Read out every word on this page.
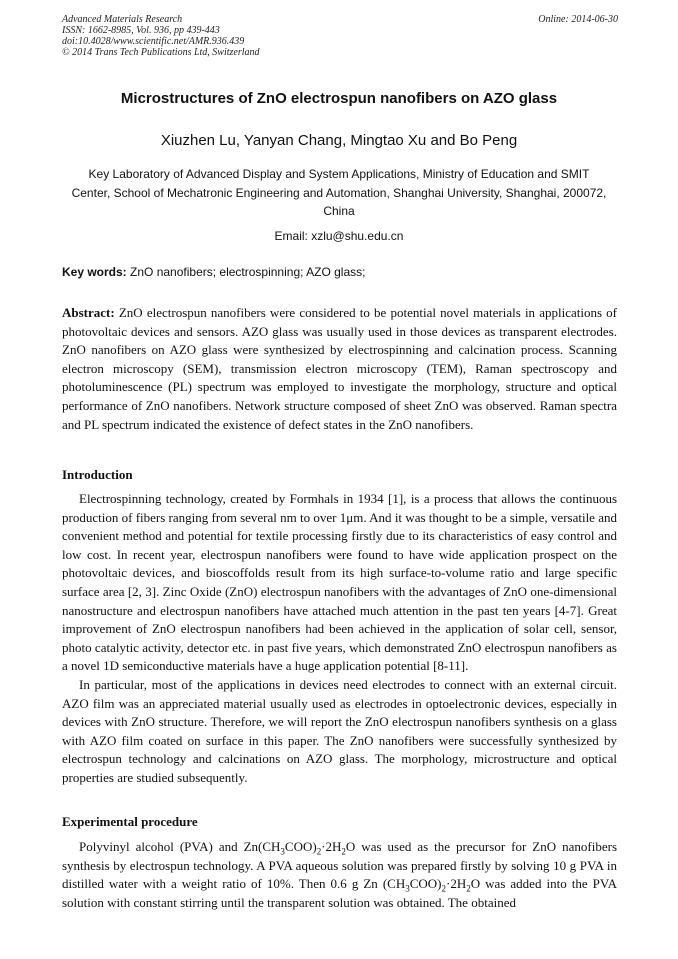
Advanced Materials Research
ISSN: 1662-8985, Vol. 936, pp 439-443
doi:10.4028/www.scientific.net/AMR.936.439
© 2014 Trans Tech Publications Ltd, Switzerland
Online: 2014-06-30
Microstructures of ZnO electrospun nanofibers on AZO glass
Xiuzhen Lu, Yanyan Chang, Mingtao Xu and Bo Peng
Key Laboratory of Advanced Display and System Applications, Ministry of Education and SMIT Center, School of Mechatronic Engineering and Automation, Shanghai University, Shanghai, 200072, China
Email: xzlu@shu.edu.cn
Key words: ZnO nanofibers; electrospinning; AZO glass;
Abstract: ZnO electrospun nanofibers were considered to be potential novel materials in applications of photovoltaic devices and sensors. AZO glass was usually used in those devices as transparent electrodes. ZnO nanofibers on AZO glass were synthesized by electrospinning and calcination process. Scanning electron microscopy (SEM), transmission electron microscopy (TEM), Raman spectroscopy and photoluminescence (PL) spectrum was employed to investigate the morphology, structure and optical performance of ZnO nanofibers. Network structure composed of sheet ZnO was observed. Raman spectra and PL spectrum indicated the existence of defect states in the ZnO nanofibers.
Introduction

Electrospinning technology, created by Formhals in 1934 [1], is a process that allows the continuous production of fibers ranging from several nm to over 1μm. And it was thought to be a simple, versatile and convenient method and potential for textile processing firstly due to its characteristics of easy control and low cost. In recent year, electrospun nanofibers were found to have wide application prospect on the photovoltaic devices, and bioscoffolds result from its high surface-to-volume ratio and large specific surface area [2, 3]. Zinc Oxide (ZnO) electrospun nanofibers with the advantages of ZnO one-dimensional nanostructure and electrospun nanofibers have attached much attention in the past ten years [4-7]. Great improvement of ZnO electrospun nanofibers had been achieved in the application of solar cell, sensor, photo catalytic activity, detector etc. in past five years, which demonstrated ZnO electrospun nanofibers as a novel 1D semiconductive materials have a huge application potential [8-11].

In particular, most of the applications in devices need electrodes to connect with an external circuit. AZO film was an appreciated material usually used as electrodes in optoelectronic devices, especially in devices with ZnO structure. Therefore, we will report the ZnO electrospun nanofibers synthesis on a glass with AZO film coated on surface in this paper. The ZnO nanofibers were successfully synthesized by electrospun technology and calcinations on AZO glass. The morphology, microstructure and optical properties are studied subsequently.

Experimental procedure

Polyvinyl alcohol (PVA) and $Zn(CH_3COO)_2\cdot 2H_2O$ was used as the precursor for ZnO nanofibers synthesis by electrospun technology. A PVA aqueous solution was prepared firstly by solving 10 g PVA in distilled water with a weight ratio of 10%. Then 0.6 g Zn $(CH_3COO)_2\cdot 2H_2O$ was added into the PVA solution with constant stirring until the transparent solution was obtained. The obtained
